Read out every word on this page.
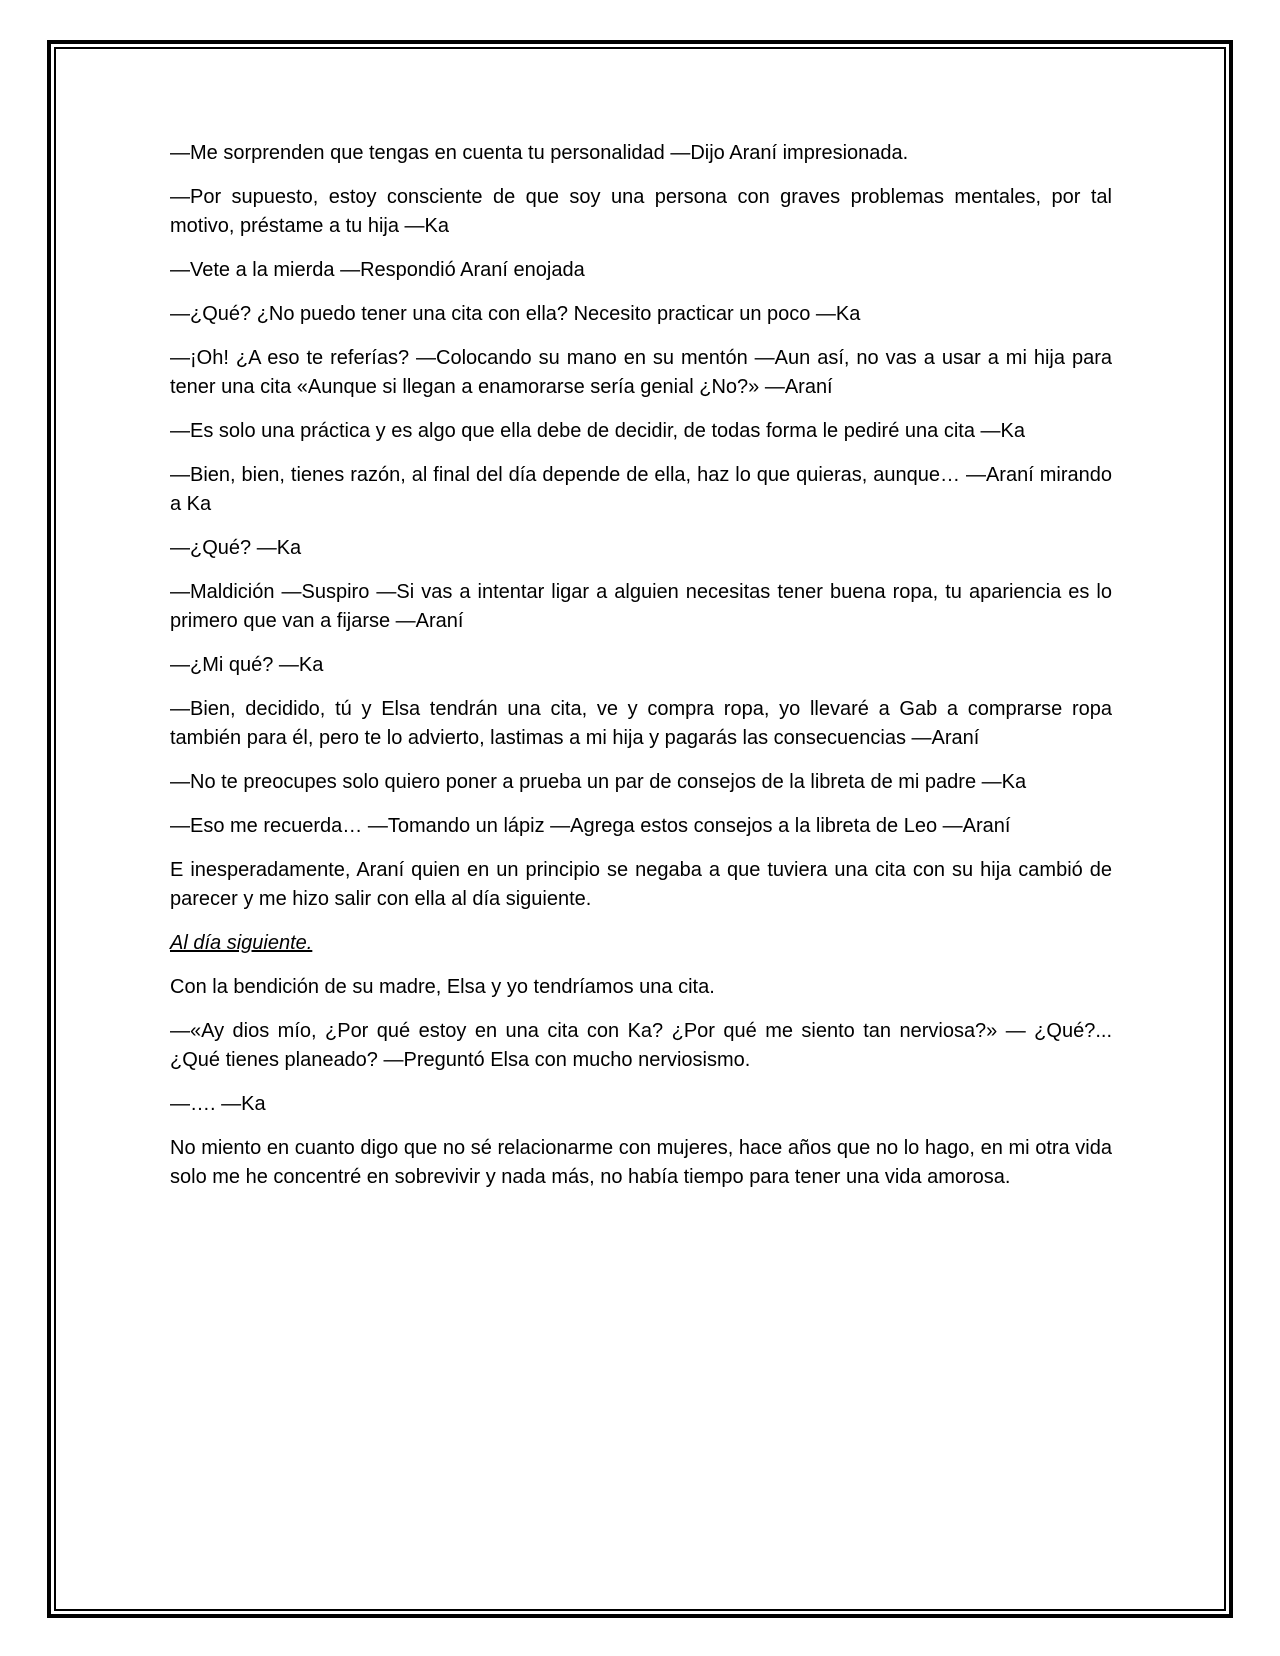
—Me sorprenden que tengas en cuenta tu personalidad —Dijo Araní impresionada.

—Por supuesto, estoy consciente de que soy una persona con graves problemas mentales, por tal motivo, préstame a tu hija —Ka

—Vete a la mierda —Respondió Araní enojada

—¿Qué? ¿No puedo tener una cita con ella? Necesito practicar un poco —Ka

—¡Oh! ¿A eso te referías? —Colocando su mano en su mentón —Aun así, no vas a usar a mi hija para tener una cita «Aunque si llegan a enamorarse sería genial ¿No?» —Araní

—Es solo una práctica y es algo que ella debe de decidir, de todas forma le pediré una cita —Ka

—Bien, bien, tienes razón, al final del día depende de ella, haz lo que quieras, aunque… —Araní mirando a Ka

—¿Qué? —Ka

—Maldición —Suspiro —Si vas a intentar ligar a alguien necesitas tener buena ropa, tu apariencia es lo primero que van a fijarse —Araní

—¿Mi qué? —Ka

—Bien, decidido, tú y Elsa tendrán una cita, ve y compra ropa, yo llevaré a Gab a comprarse ropa también para él, pero te lo advierto, lastimas a mi hija y pagarás las consecuencias —Araní

—No te preocupes solo quiero poner a prueba un par de consejos de la libreta de mi padre —Ka

—Eso me recuerda… —Tomando un lápiz —Agrega estos consejos a la libreta de Leo —Araní

E inesperadamente, Araní quien en un principio se negaba a que tuviera una cita con su hija cambió de parecer y me hizo salir con ella al día siguiente.

Al día siguiente.

Con la bendición de su madre, Elsa y yo tendríamos una cita.

—«Ay dios mío, ¿Por qué estoy en una cita con Ka? ¿Por qué me siento tan nerviosa?» — ¿Qué?... ¿Qué tienes planeado? —Preguntó Elsa con mucho nerviosismo.

—…. —Ka

No miento en cuanto digo que no sé relacionarme con mujeres, hace años que no lo hago, en mi otra vida solo me he concentré en sobrevivir y nada más, no había tiempo para tener una vida amorosa.
